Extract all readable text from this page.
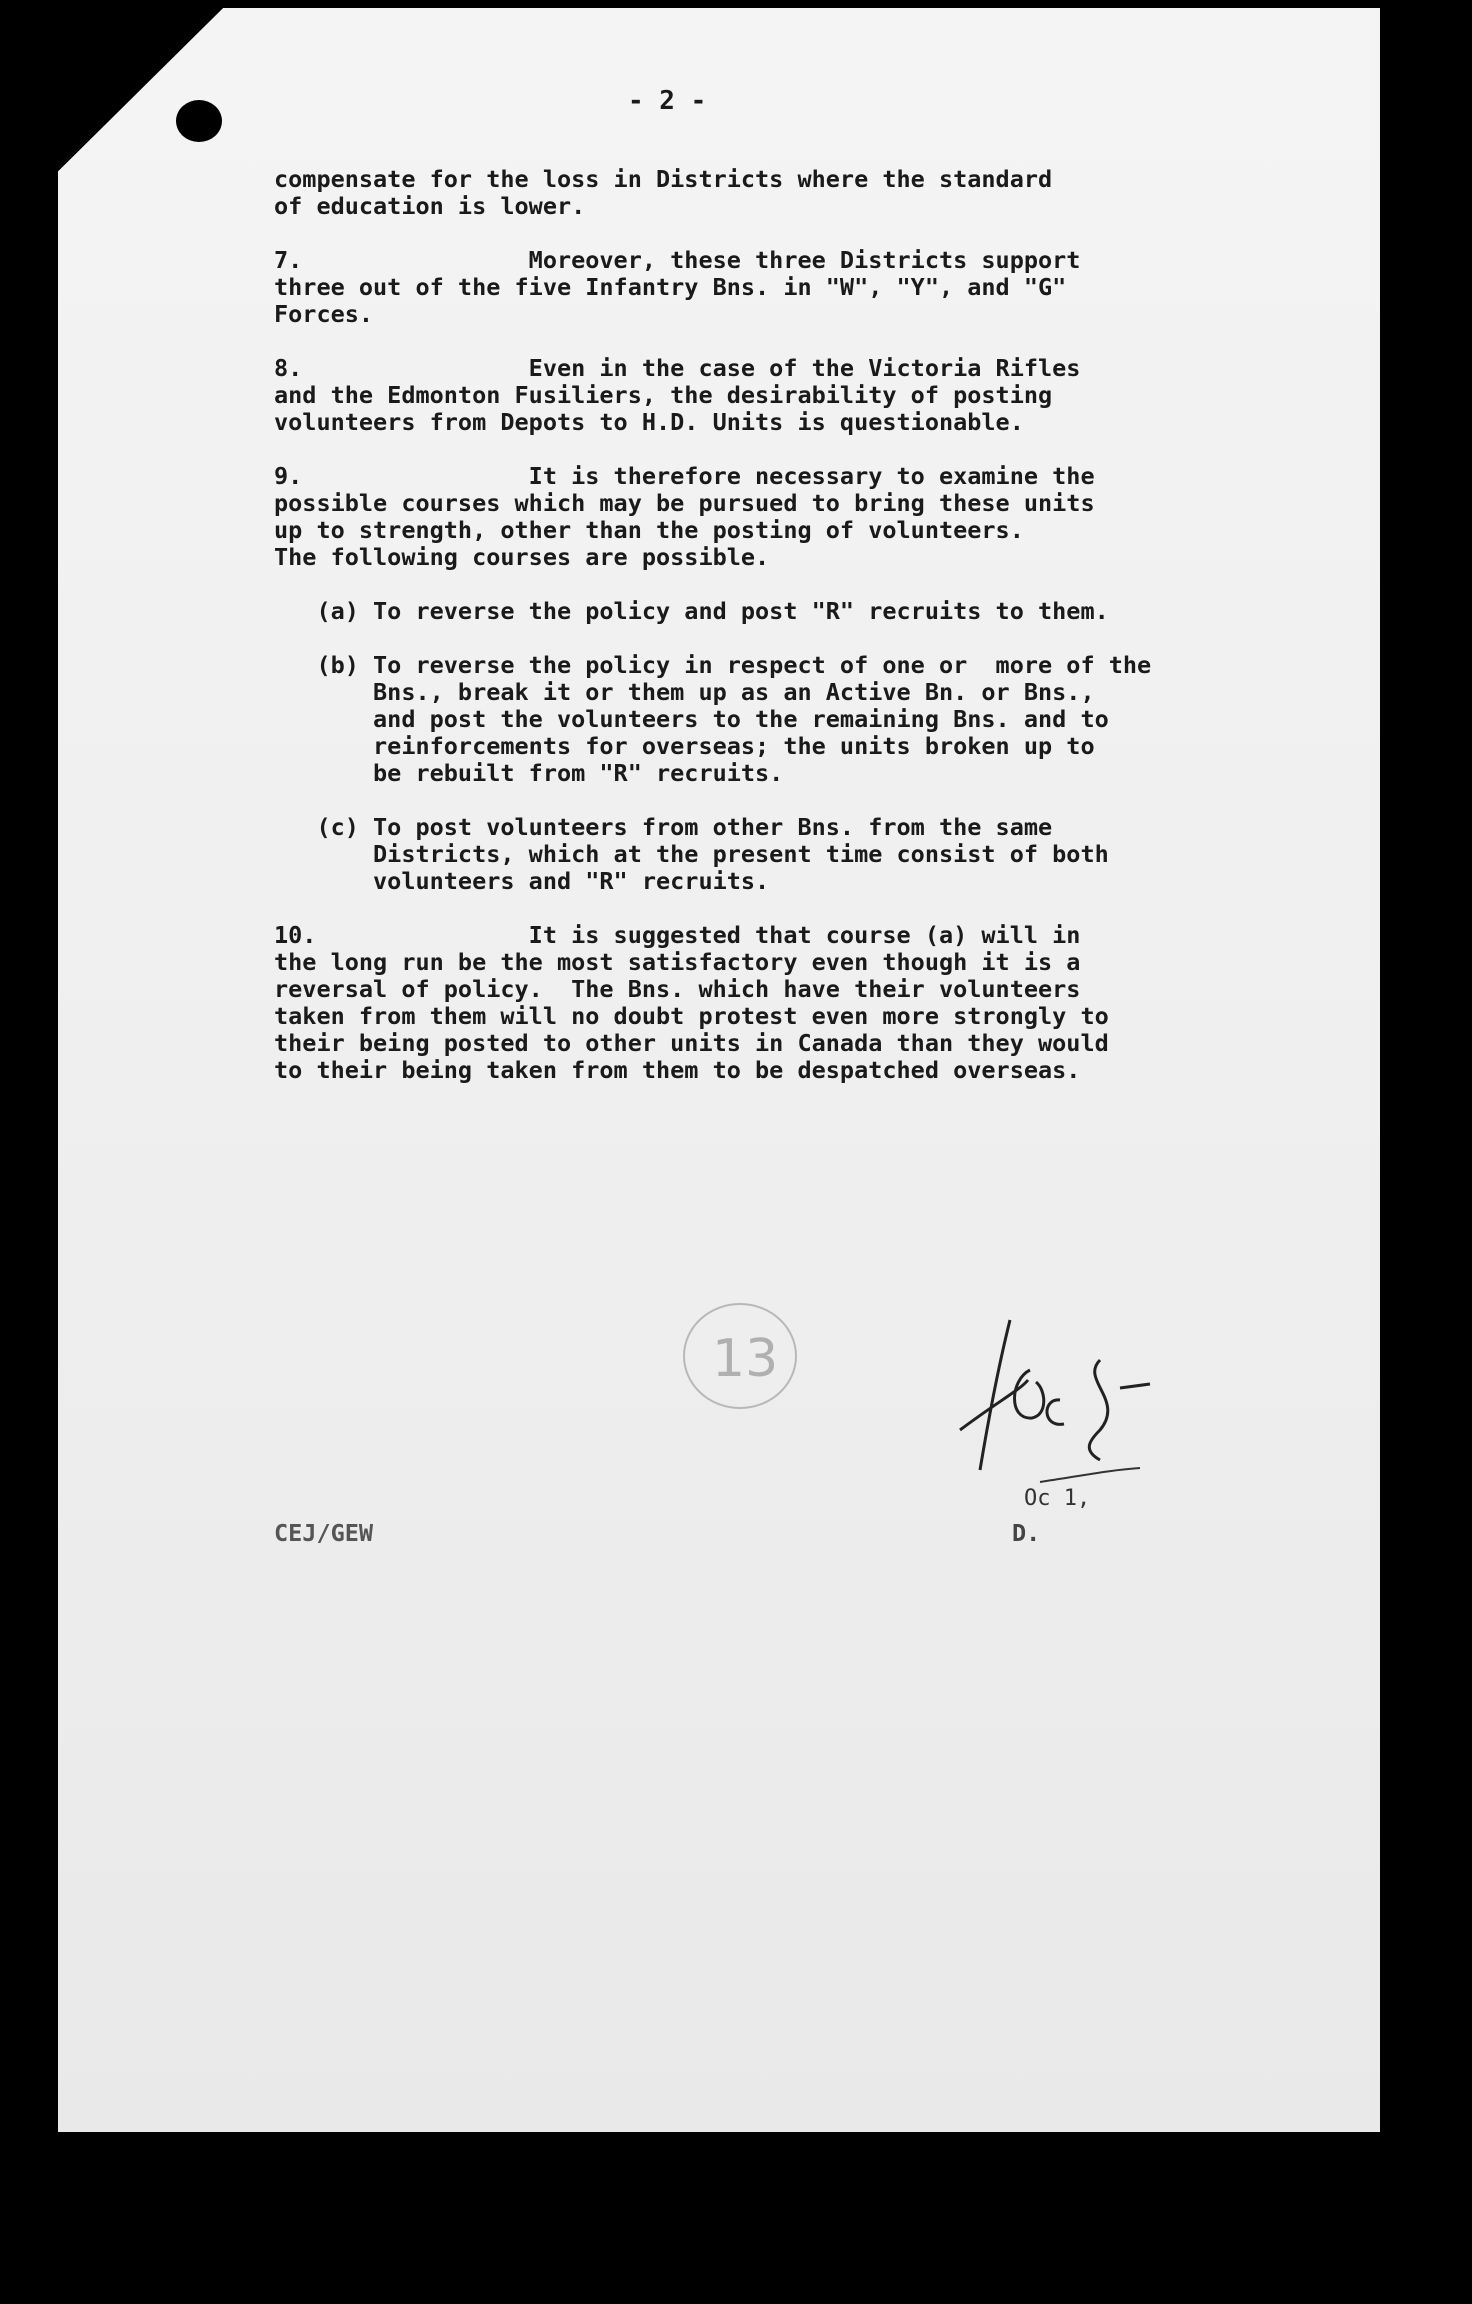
- 2 -
compensate for the loss in Districts where the standard
of education is lower.

7.                Moreover, these three Districts support
three out of the five Infantry Bns. in "W", "Y", and "G"
Forces.

8.                Even in the case of the Victoria Rifles
and the Edmonton Fusiliers, the desirability of posting
volunteers from Depots to H.D. Units is questionable.

9.                It is therefore necessary to examine the
possible courses which may be pursued to bring these units
up to strength, other than the posting of volunteers.
The following courses are possible.

(a) To reverse the policy and post "R" recruits to them.

(b) To reverse the policy in respect of one or  more of the
Bns., break it or them up as an Active Bn. or Bns.,
and post the volunteers to the remaining Bns. and to
reinforcements for overseas; the units broken up to
be rebuilt from "R" recruits.

(c) To post volunteers from other Bns. from the same
Districts, which at the present time consist of both
volunteers and "R" recruits.

10.               It is suggested that course (a) will in
the long run be the most satisfactory even though it is a
reversal of policy.  The Bns. which have their volunteers
taken from them will no doubt protest even more strongly to
their being posted to other units in Canada than they would
to their being taken from them to be despatched overseas.

13
Oc 1,
CEJ/GEW	D.
